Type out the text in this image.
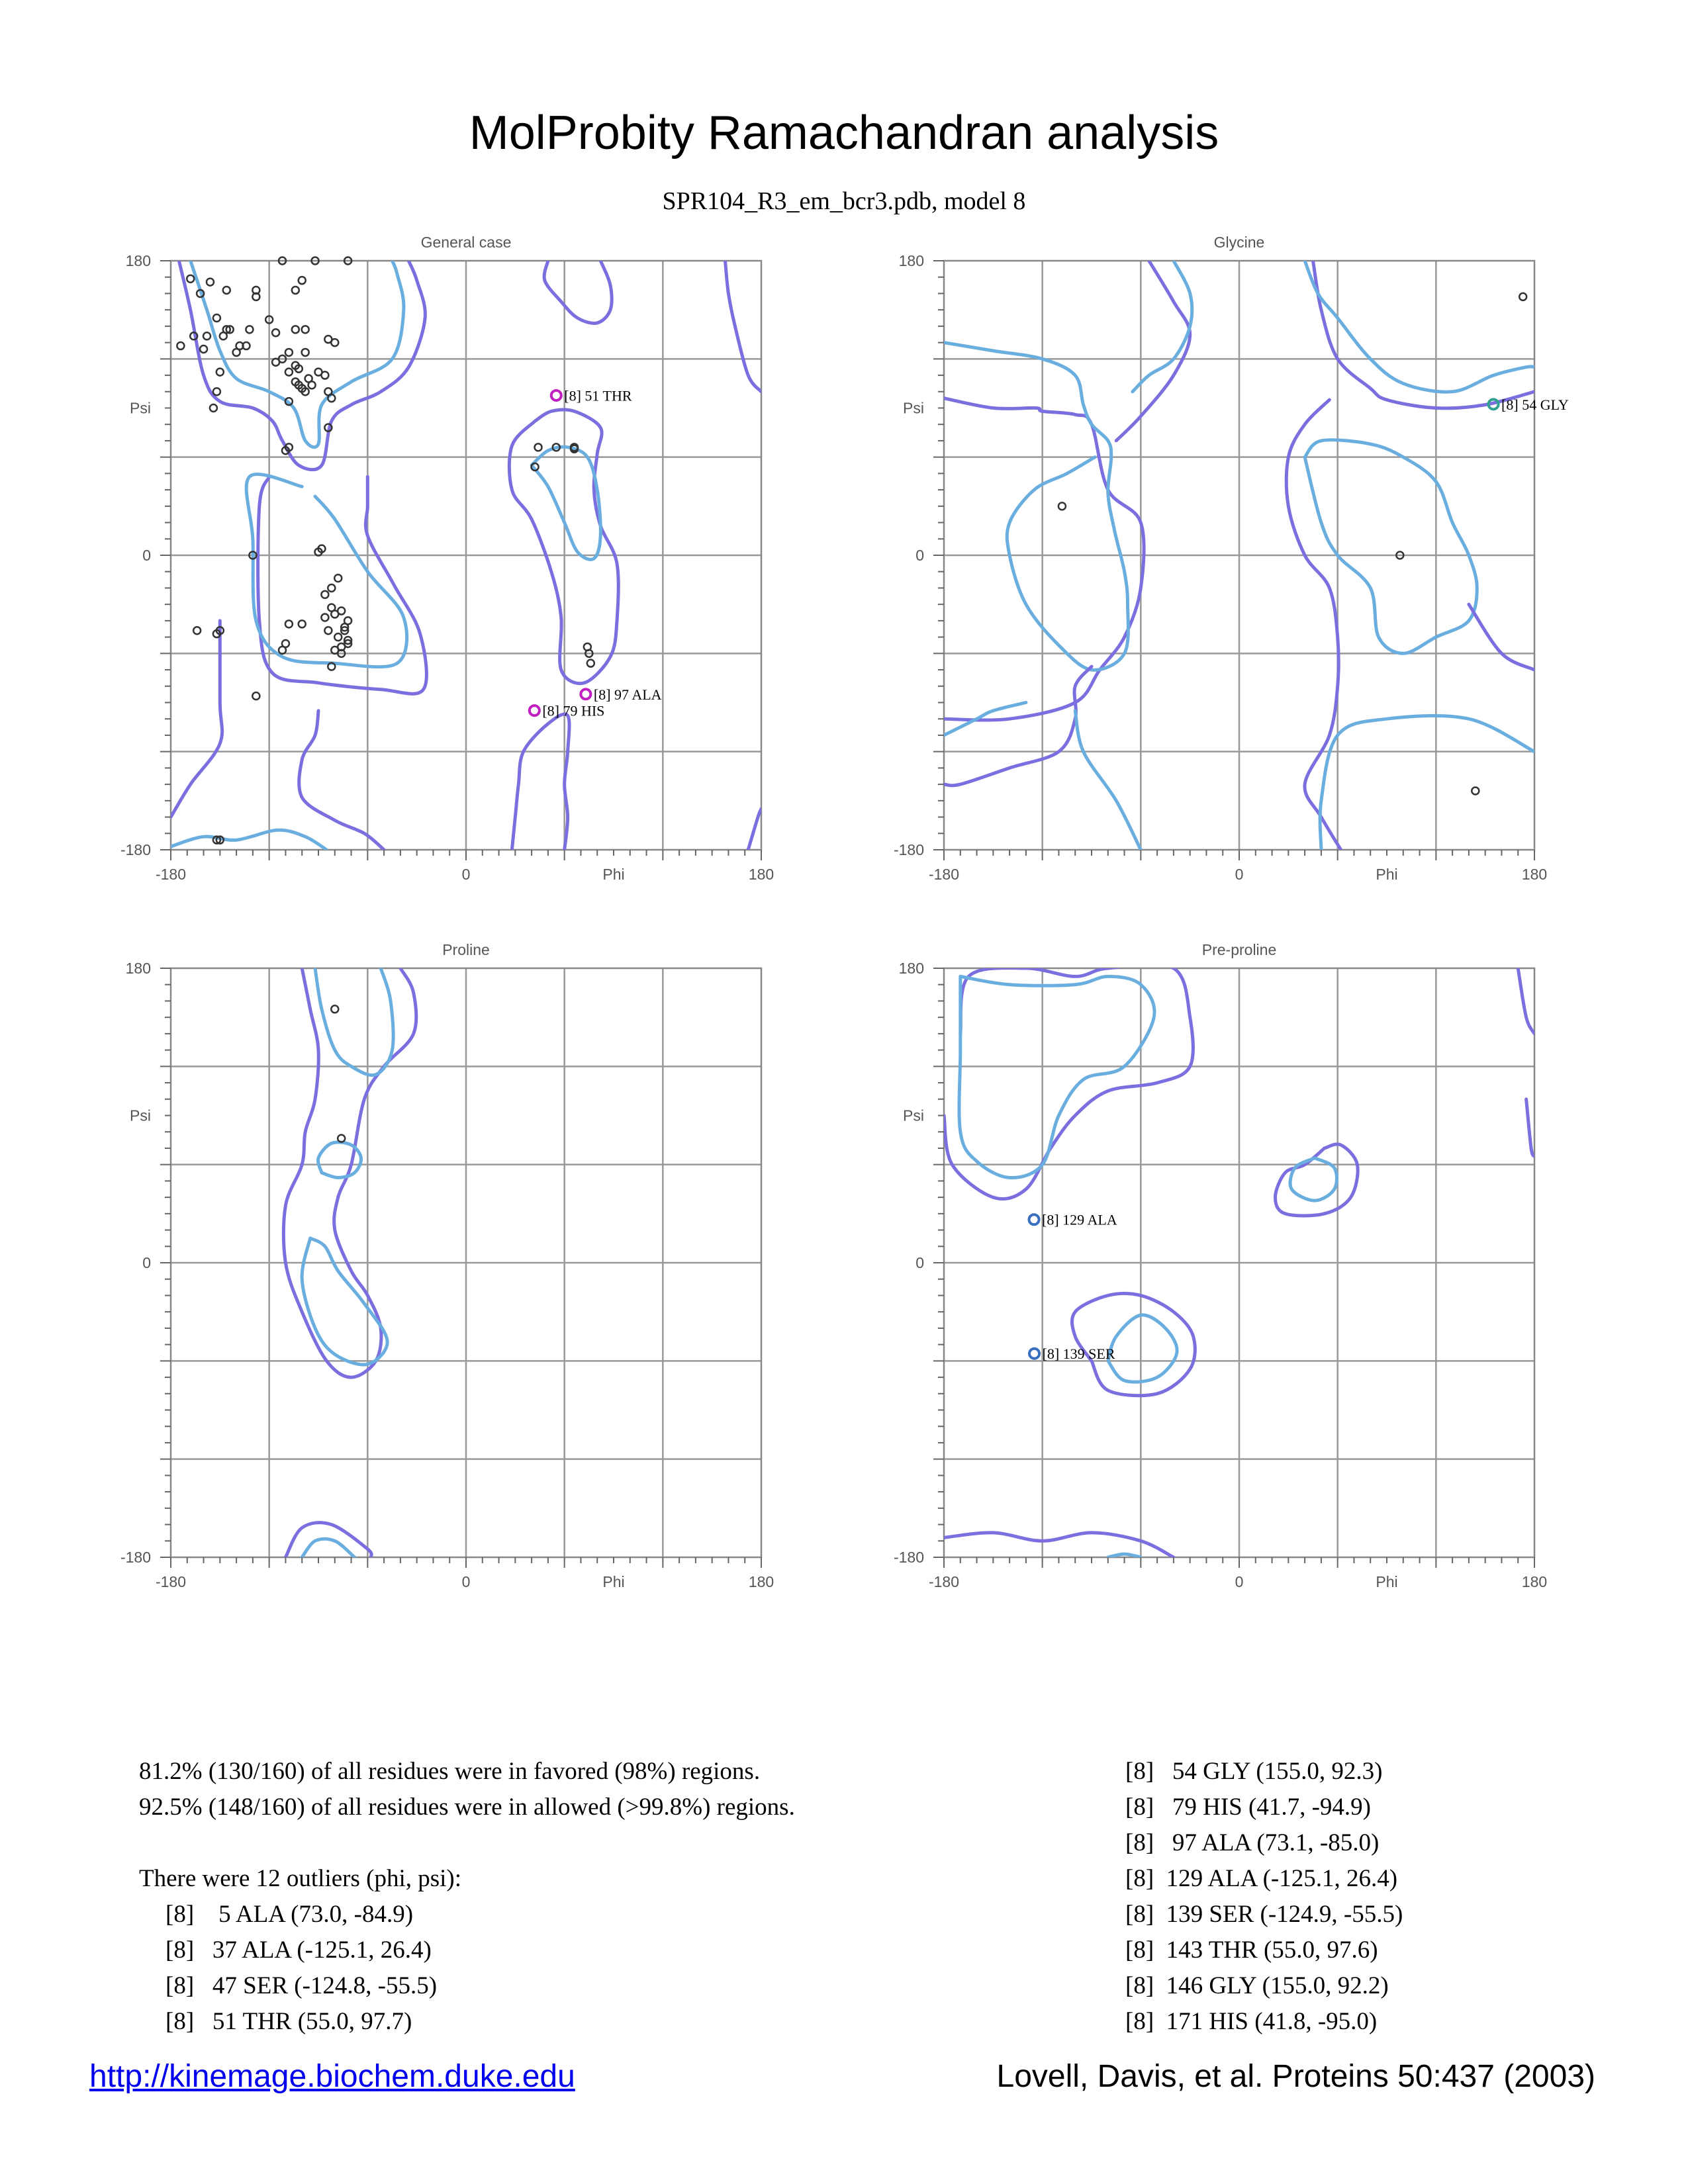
MolProbity Ramachandran analysis
SPR104_R3_em_bcr3.pdb, model 8
General case
-180	0	180
180
0
-180
Phi
Psi
[8] 51 THR
[8] 97 ALA
[8] 79 HIS
Glycine
-180	0	180
180
0
-180
Phi
Psi	[8] 54 GLY
Proline
-180	0	180
180
0
-180
Phi
Psi
Pre-proline
-180	0	180
180
0
-180
Phi
Psi
[8] 129 ALA
[8] 139 SER
81.2% (130/160) of all residues were in favored (98%) regions.
92.5% (148/160) of all residues were in allowed (>99.8%) regions.

There were 12 outliers (phi, psi):
[8]    5 ALA (73.0, -84.9)
[8]   37 ALA (-125.1, 26.4)
[8]   47 SER (-124.8, -55.5)
[8]   51 THR (55.0, 97.7)
[8]   54 GLY (155.0, 92.3)
[8]   79 HIS (41.7, -94.9)
[8]   97 ALA (73.1, -85.0)
[8]  129 ALA (-125.1, 26.4)
[8]  139 SER (-124.9, -55.5)
[8]  143 THR (55.0, 97.6)
[8]  146 GLY (155.0, 92.2)
[8]  171 HIS (41.8, -95.0)
http://kinemage.biochem.duke.edu	Lovell, Davis, et al. Proteins 50:437 (2003)
